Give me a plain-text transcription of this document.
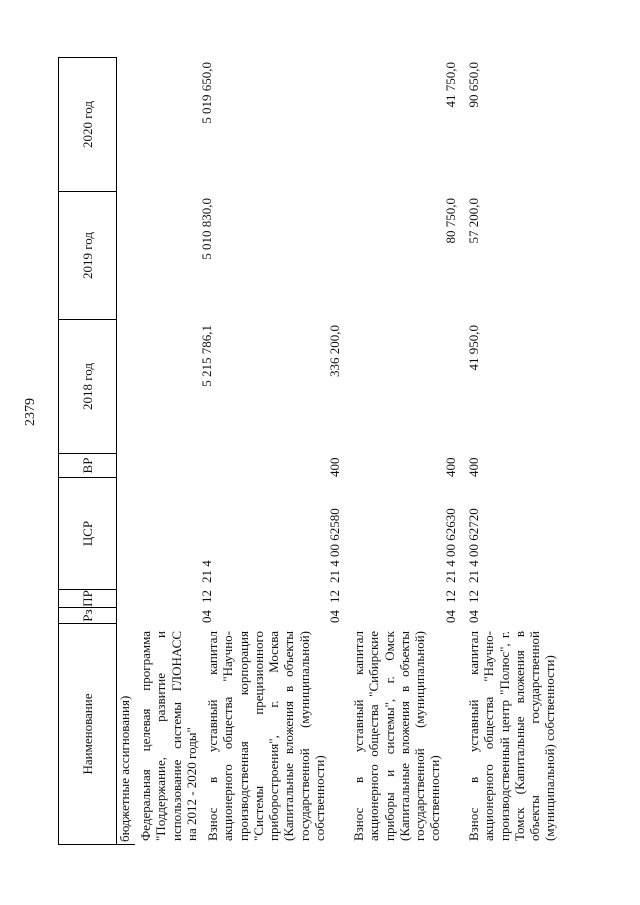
2379
Наименование
Рз
ПР
ЦСР
ВР
2018 год
2019 год
2020 год
бюджетные ассигнования) Федеральная целевая программа "Поддержание, развитие и использование системы ГЛОНАСС на 2012 - 2020 годы"
04
12
21 4
5 215 786,1
5 010 830,0
5 019 650,0
Взнос в уставный капитал акционерного общества "Научно-производственная корпорация "Системы прецизионного приборостроения", г. Москва (Капитальные вложения в объекты государственной (муниципальной) собственности)
04
12
21 4 00 62580
400
336 200,0
Взнос в уставный капитал акционерного общества "Сибирские приборы и системы", г. Омск (Капитальные вложения в объекты государственной (муниципальной) собственности)
04
12
21 4 00 62630
400
80 750,0
41 750,0
Взнос в уставный капитал акционерного общества "Научно-производственный центр "Полюс", г. Томск (Капитальные вложения в объекты государственной (муниципальной) собственности)
04
12
21 4 00 62720
400
41 950,0
57 200,0
90 650,0
